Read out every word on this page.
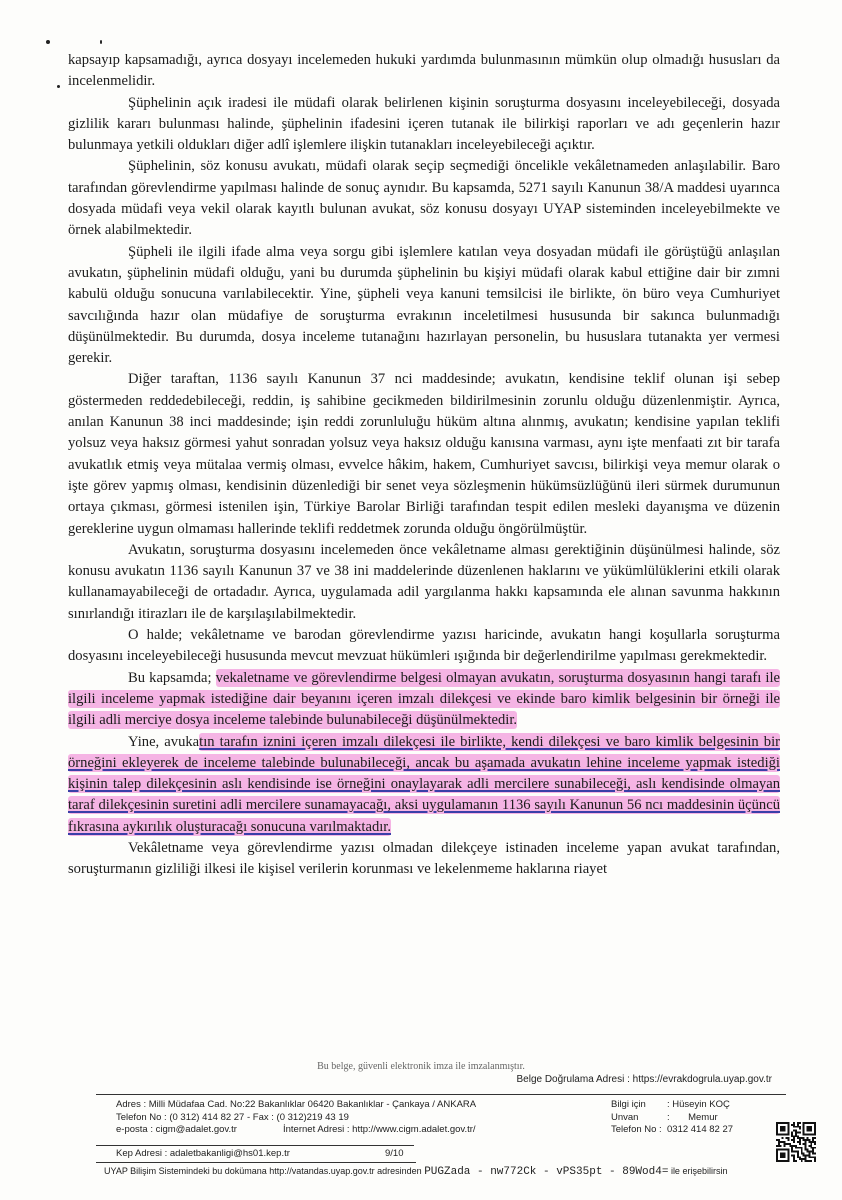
kapsayıp kapsamadığı, ayrıca dosyayı incelemeden hukuki yardımda bulunmasının mümkün olup olmadığı hususları da incelenmelidir.

Şüphelinin açık iradesi ile müdafi olarak belirlenen kişinin soruşturma dosyasını inceleyebileceği, dosyada gizlilik kararı bulunması halinde, şüphelinin ifadesini içeren tutanak ile bilirkişi raporları ve adı geçenlerin hazır bulunmaya yetkili oldukları diğer adlî işlemlere ilişkin tutanakları inceleyebileceği açıktır.

Şüphelinin, söz konusu avukatı, müdafi olarak seçip seçmediği öncelikle vekâletnameden anlaşılabilir. Baro tarafından görevlendirme yapılması halinde de sonuç aynıdır. Bu kapsamda, 5271 sayılı Kanunun 38/A maddesi uyarınca dosyada müdafi veya vekil olarak kayıtlı bulunan avukat, söz konusu dosyayı UYAP sisteminden inceleyebilmekte ve örnek alabilmektedir.

Şüpheli ile ilgili ifade alma veya sorgu gibi işlemlere katılan veya dosyadan müdafi ile görüştüğü anlaşılan avukatın, şüphelinin müdafi olduğu, yani bu durumda şüphelinin bu kişiyi müdafi olarak kabul ettiğine dair bir zımni kabulü olduğu sonucuna varılabilecektir. Yine, şüpheli veya kanuni temsilcisi ile birlikte, ön büro veya Cumhuriyet savcılığında hazır olan müdafiye de soruşturma evrakının inceletilmesi hususunda bir sakınca bulunmadığı düşünülmektedir. Bu durumda, dosya inceleme tutanağını hazırlayan personelin, bu hususlara tutanakta yer vermesi gerekir.

Diğer taraftan, 1136 sayılı Kanunun 37 nci maddesinde; avukatın, kendisine teklif olunan işi sebep göstermeden reddedebileceği, reddin, iş sahibine gecikmeden bildirilmesinin zorunlu olduğu düzenlenmiştir. Ayrıca, anılan Kanunun 38 inci maddesinde; işin reddi zorunluluğu hüküm altına alınmış, avukatın; kendisine yapılan teklifi yolsuz veya haksız görmesi yahut sonradan yolsuz veya haksız olduğu kanısına varması, aynı işte menfaati zıt bir tarafa avukatlık etmiş veya mütalaa vermiş olması, evvelce hâkim, hakem, Cumhuriyet savcısı, bilirkişi veya memur olarak o işte görev yapmış olması, kendisinin düzenlediği bir senet veya sözleşmenin hükümsüzlüğünü ileri sürmek durumunun ortaya çıkması, görmesi istenilen işin, Türkiye Barolar Birliği tarafından tespit edilen mesleki dayanışma ve düzenin gereklerine uygun olmaması hallerinde teklifi reddetmek zorunda olduğu öngörülmüştür.

Avukatın, soruşturma dosyasını incelemeden önce vekâletname alması gerektiğinin düşünülmesi halinde, söz konusu avukatın 1136 sayılı Kanunun 37 ve 38 ini maddelerinde düzenlenen haklarını ve yükümlülüklerini etkili olarak kullanamayabileceği de ortadadır. Ayrıca, uygulamada adil yargılanma hakkı kapsamında ele alınan savunma hakkının sınırlandığı itirazları ile de karşılaşılabilmektedir.

O halde; vekâletname ve barodan görevlendirme yazısı haricinde, avukatın hangi koşullarla soruşturma dosyasını inceleyebileceği hususunda mevcut mevzuat hükümleri ışığında bir değerlendirilme yapılması gerekmektedir.

Bu kapsamda; vekaletname ve görevlendirme belgesi olmayan avukatın, soruşturma dosyasının hangi tarafı ile ilgili inceleme yapmak istediğine dair beyanını içeren imzalı dilekçesi ve ekinde baro kimlik belgesinin bir örneği ile ilgili adli merciye dosya inceleme talebinde bulunabileceği düşünülmektedir.

Yine, avukatın tarafın iznini içeren imzalı dilekçesi ile birlikte, kendi dilekçesi ve baro kimlik belgesinin bir örneğini ekleyerek de inceleme talebinde bulunabileceği, ancak bu aşamada avukatın lehine inceleme yapmak istediği kişinin talep dilekçesinin aslı kendisinde ise örneğini onaylayarak adli mercilere sunabileceği, aslı kendisinde olmayan taraf dilekçesinin suretini adli mercilere sunamayacağı, aksi uygulamanın 1136 sayılı Kanunun 56 ncı maddesinin üçüncü fıkrasına aykırılık oluşturacağı sonucuna varılmaktadır.

Vekâletname veya görevlendirme yazısı olmadan dilekçeye istinaden inceleme yapan avukat tarafından, soruşturmanın gizliliği ilkesi ile kişisel verilerin korunması ve lekelenmeme haklarına riayet

Bu belge, güvenli elektronik imza ile imzalanmıştır.
Belge Doğrulama Adresi : https://evrakdogrula.uyap.gov.tr
Adres : Milli Müdafaa Cad. No:22 Bakanlıklar 06420 Bakanlıklar - Çankaya / ANKARA
Telefon No : (0 312) 414 82 27 - Fax : (0 312)219 43 19
e-posta : cigm@adalet.gov.tr	İnternet Adresi : http://www.cigm.adalet.gov.tr/
Bilgi için : Hüseyin KOÇ
Unvan	:       Memur
Telefon No : 0312 414 82 27
Kep Adresi : adaletbakanligi@hs01.kep.tr	9/10
UYAP Bilişim Sistemindeki bu dokümana http://vatandas.uyap.gov.tr adresinden PUGZada - nw772Ck - vPS35pt - 89Wod4= ile erişebilirsin
